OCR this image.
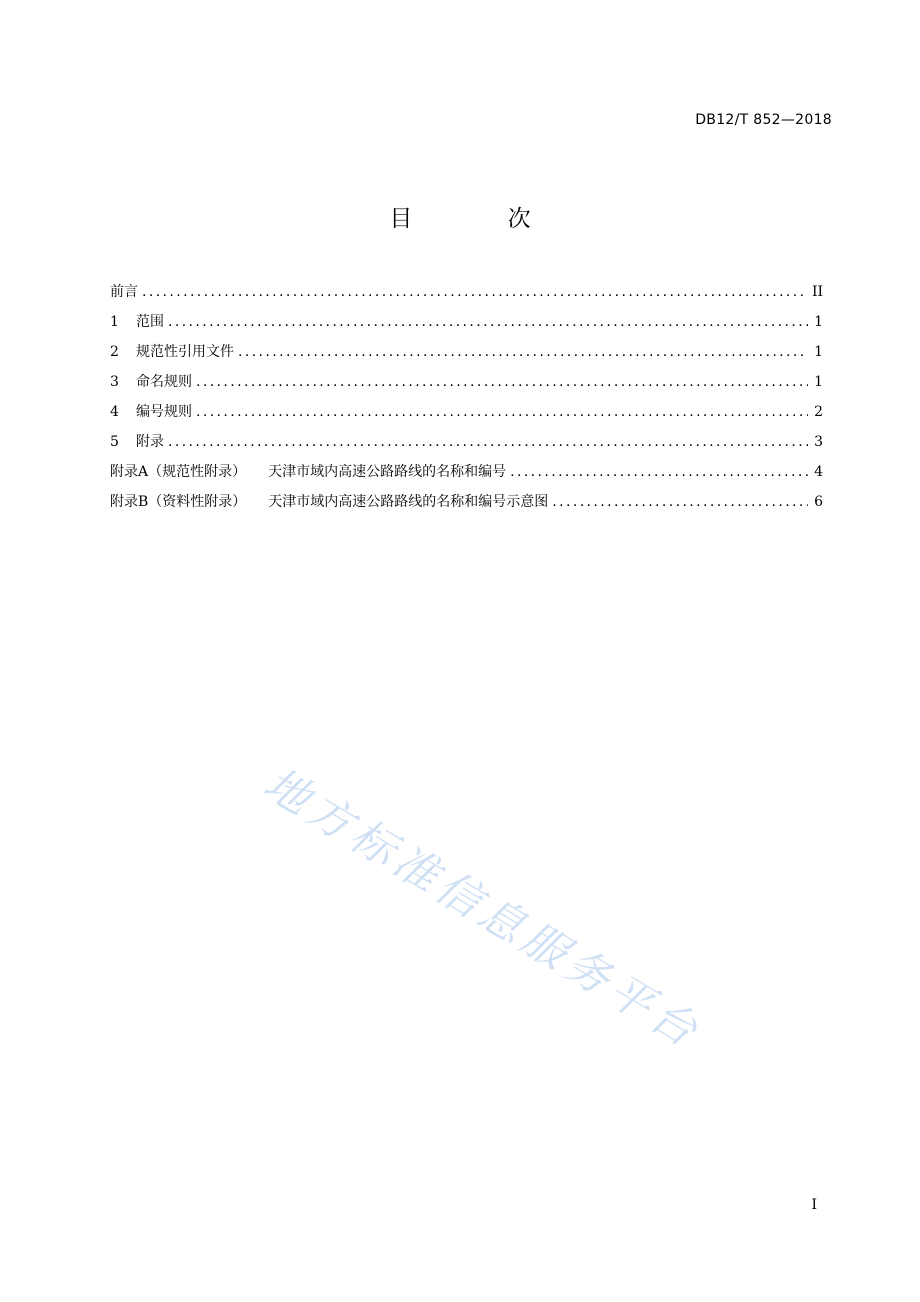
DB12/T 852—2018
目 次
前言 .....	II
1	范围 .....	1
2	规范性引用文件 .....	1
3	命名规则 .....	1
4	编号规则 .....	2
5	附录 .....	3
附录A（规范性附录） 天津市域内高速公路路线的名称和编号 .....	4
附录B（资料性附录） 天津市域内高速公路路线的名称和编号示意图 .....	6
地方标准信息服务平台
I
